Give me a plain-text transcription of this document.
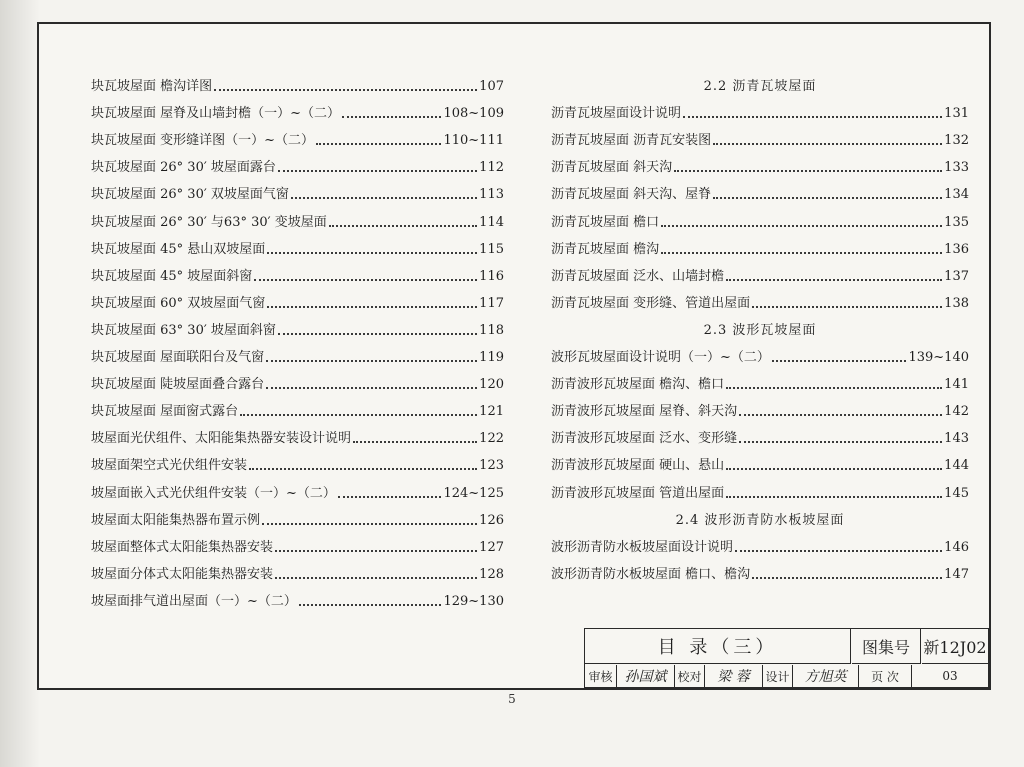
块瓦坡屋面 檐沟详图	107
块瓦坡屋面 屋脊及山墙封檐（一）~（二）	108~109
块瓦坡屋面 变形缝详图（一）~（二）	110~111
块瓦坡屋面 26° 30′ 坡屋面露台	112
块瓦坡屋面 26° 30′ 双坡屋面气窗	113
块瓦坡屋面 26° 30′ 与63° 30′ 变坡屋面	114
块瓦坡屋面 45° 悬山双坡屋面	115
块瓦坡屋面 45° 坡屋面斜窗	116
块瓦坡屋面 60° 双坡屋面气窗	117
块瓦坡屋面 63° 30′ 坡屋面斜窗	118
块瓦坡屋面 屋面联阳台及气窗	119
块瓦坡屋面 陡坡屋面叠合露台	120
块瓦坡屋面 屋面窗式露台	121
坡屋面光伏组件、太阳能集热器安装设计说明	122
坡屋面架空式光伏组件安装	123
坡屋面嵌入式光伏组件安装（一）~（二）	124~125
坡屋面太阳能集热器布置示例	126
坡屋面整体式太阳能集热器安装	127
坡屋面分体式太阳能集热器安装	128
坡屋面排气道出屋面（一）~（二）	129~130
2.2 沥青瓦坡屋面
沥青瓦坡屋面设计说明	131
沥青瓦坡屋面 沥青瓦安装图	132
沥青瓦坡屋面 斜天沟	133
沥青瓦坡屋面 斜天沟、屋脊	134
沥青瓦坡屋面 檐口	135
沥青瓦坡屋面 檐沟	136
沥青瓦坡屋面 泛水、山墙封檐	137
沥青瓦坡屋面 变形缝、管道出屋面	138
2.3 波形瓦坡屋面
波形瓦坡屋面设计说明（一）~（二）	139~140
沥青波形瓦坡屋面 檐沟、檐口	141
沥青波形瓦坡屋面 屋脊、斜天沟	142
沥青波形瓦坡屋面 泛水、变形缝	143
沥青波形瓦坡屋面 硬山、悬山	144
沥青波形瓦坡屋面 管道出屋面	145
2.4 波形沥青防水板坡屋面
波形沥青防水板坡屋面设计说明	146
波形沥青防水板坡屋面 檐口、檐沟	147
目 录（三）	图集号 新12J02
审核 孙国斌 校对	梁 蓉	设计	方旭英	页 次	03
5
